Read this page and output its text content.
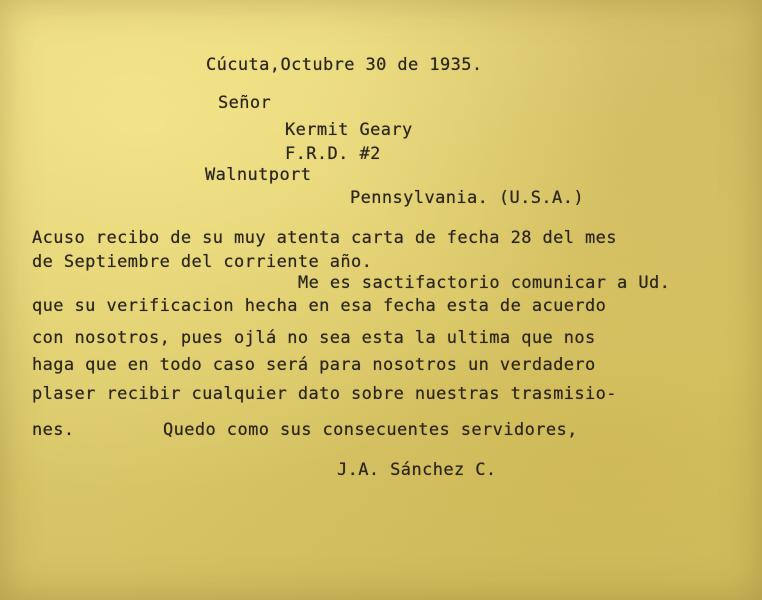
Cúcuta,Octubre 30 de 1935.
Señor
Kermit Geary
F.R.D. #2
Walnutport
Pennsylvania. (U.S.A.)
Acuso recibo de su muy atenta carta de fecha 28 del mes
de Septiembre del corriente año.
Me es sactifactorio comunicar a Ud.
que su verificacion hecha en esa fecha esta de acuerdo
con nosotros, pues ojlá no sea esta la ultima que nos
haga que en todo caso será para nosotros un verdadero
plaser recibir cualquier dato sobre nuestras trasmisio-
nes.	Quedo como sus consecuentes servidores,
J.A. Sánchez C.
